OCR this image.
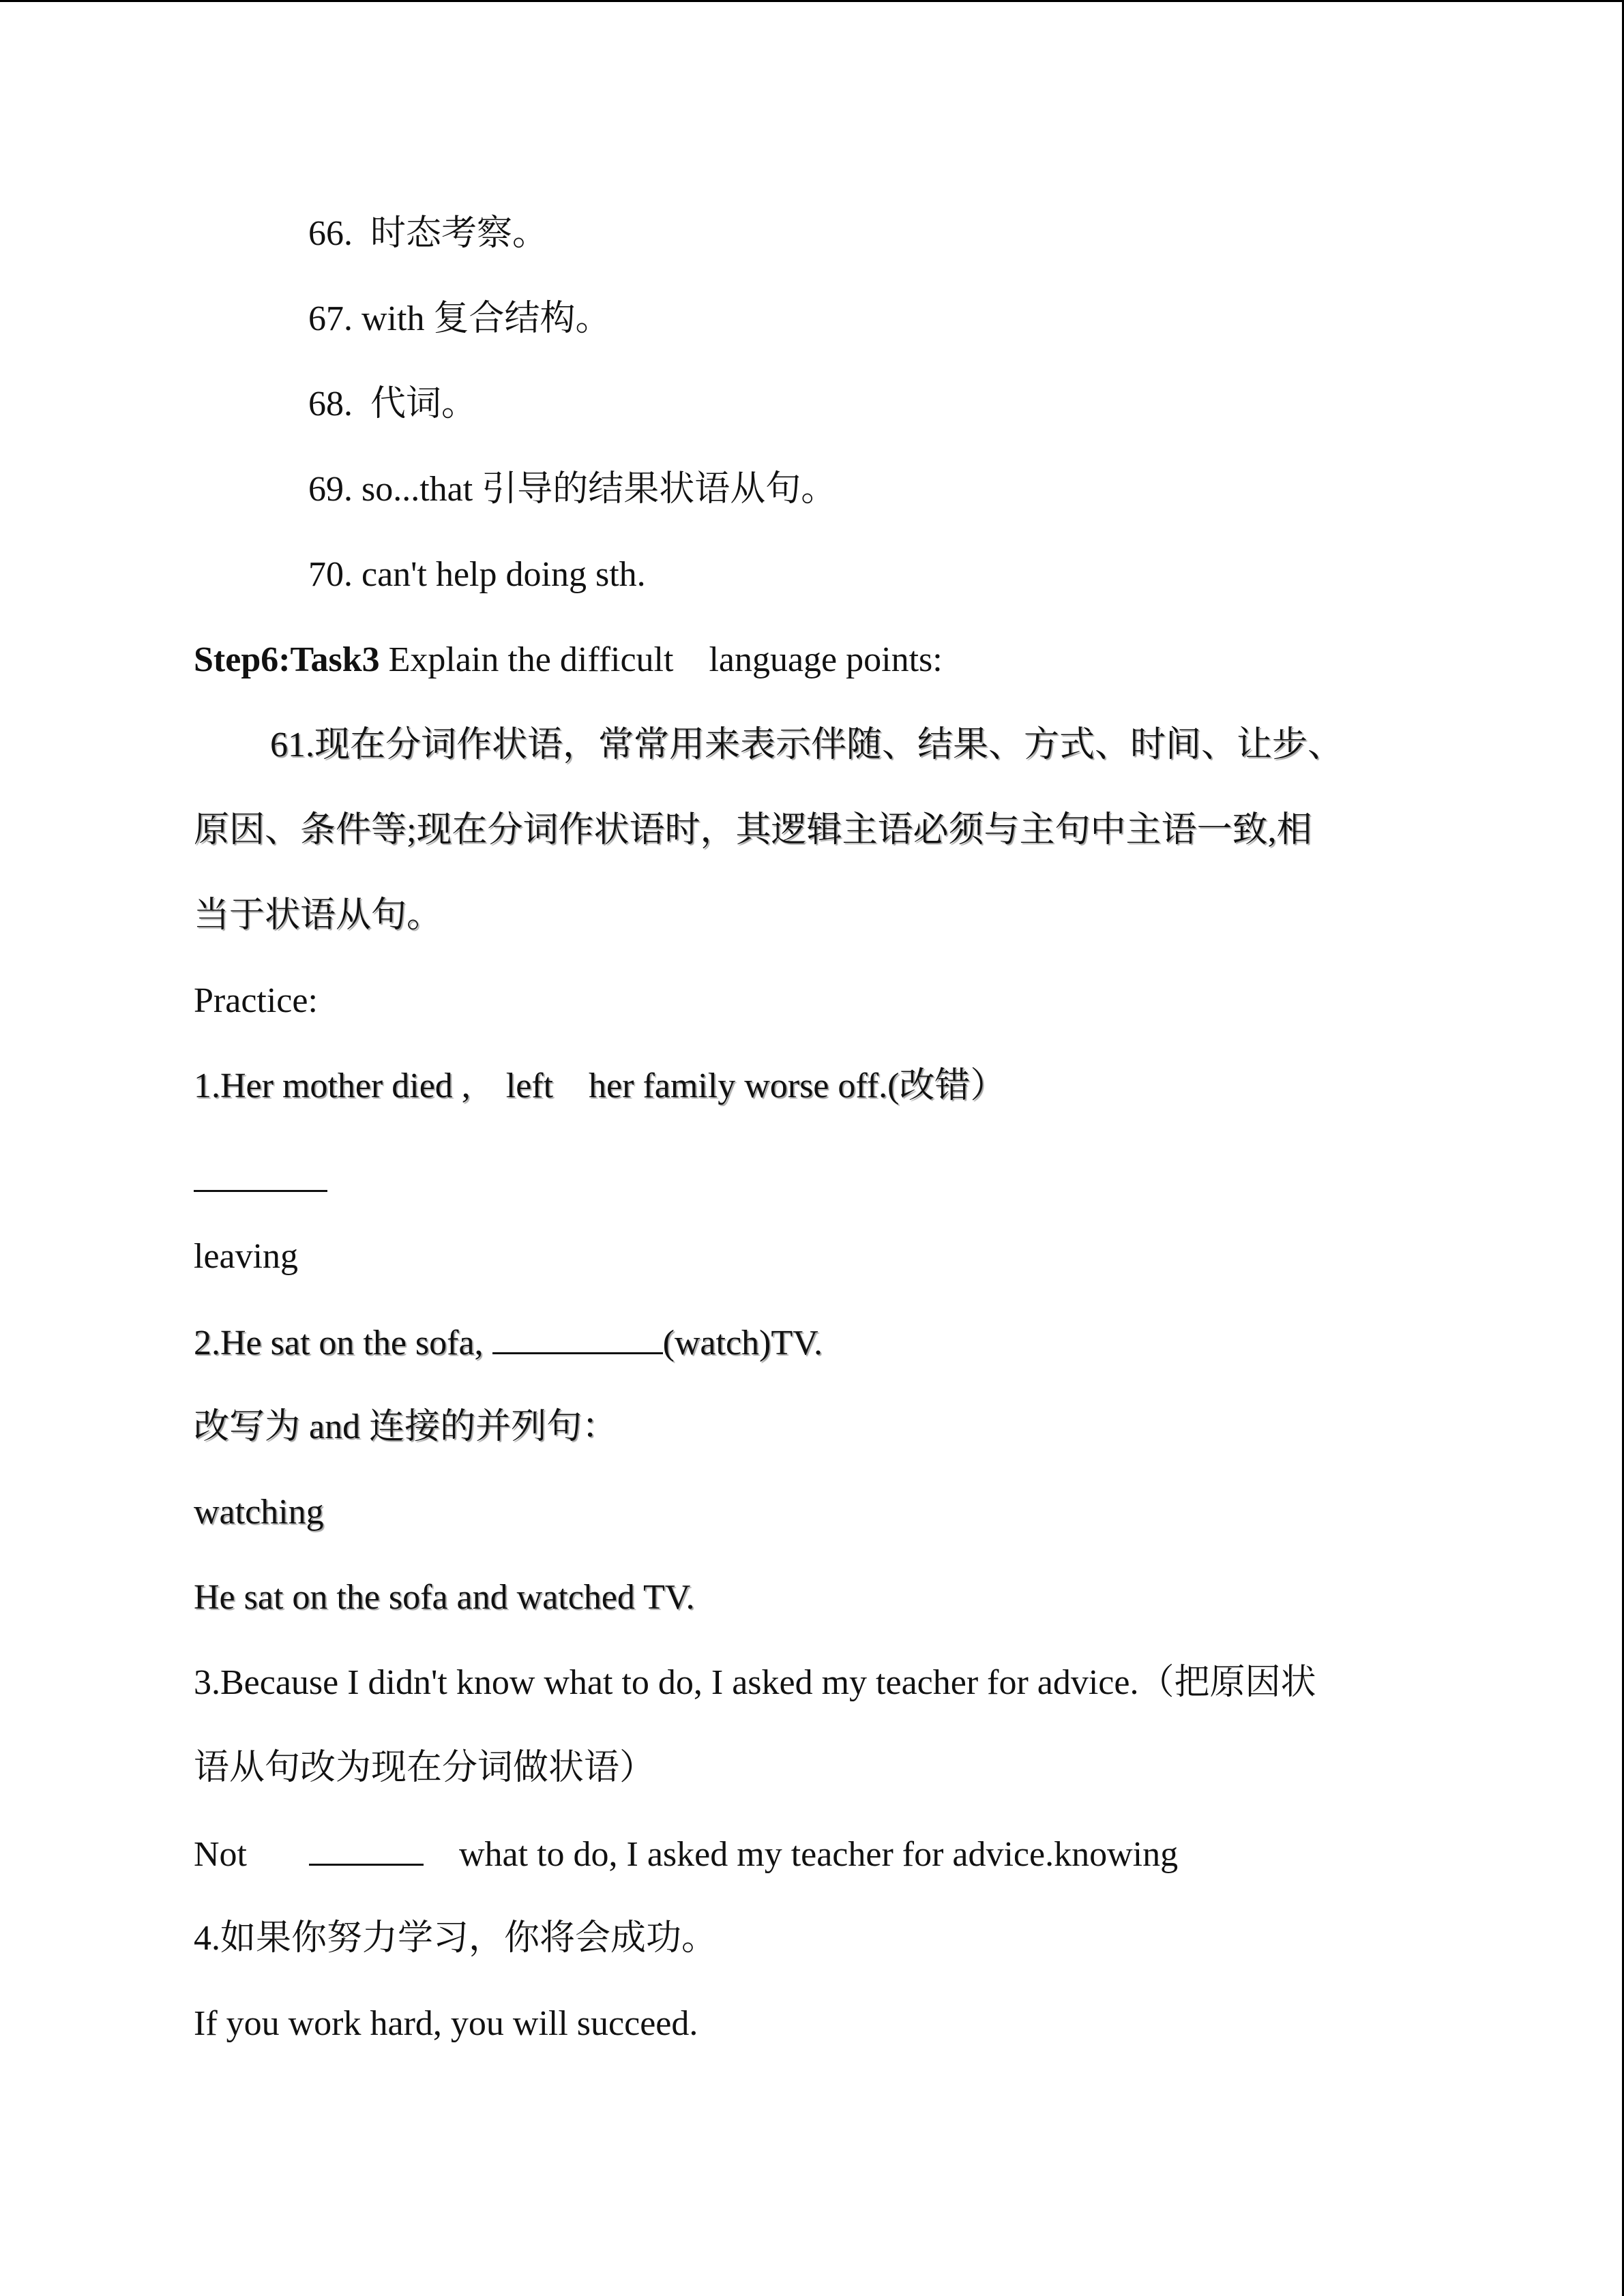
66.  时态考察。
67. with 复合结构。
68.  代词。
69. so...that 引导的结果状语从句。
70. can't help doing sth.
Step6:Task3 Explain the difficult    language points:
61.现在分词作状语，常常用来表示伴随、结果、方式、时间、让步、
原因、条件等;现在分词作状语时，其逻辑主语必须与主句中主语一致,相
当于状语从句。
Practice:
1.Her mother died ,    left    her family worse off.(改错）
leaving
2.He sat on the sofa,	(watch)TV.
改写为 and 连接的并列句：
watching
He sat on the sofa and watched TV.
3.Because I didn't know what to do, I asked my teacher for advice.（把原因状
语从句改为现在分词做状语）
Not	what to do, I asked my teacher for advice.knowing
4.如果你努力学习，你将会成功。
If you work hard, you will succeed.
